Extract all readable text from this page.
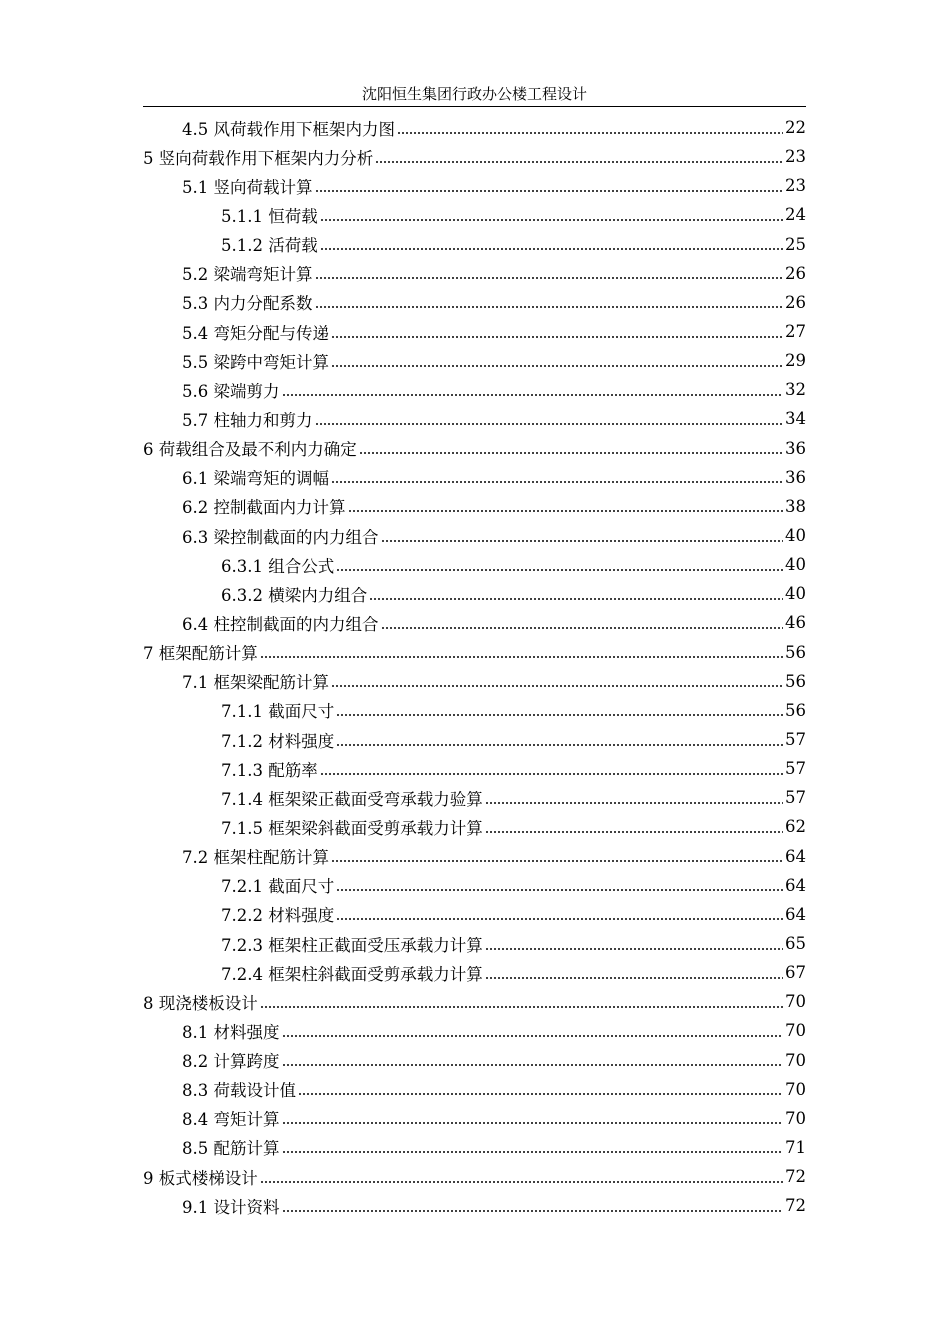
沈阳恒生集团行政办公楼工程设计
4.5 风荷载作用下框架内力图	22
5 竖向荷载作用下框架内力分析	23
5.1 竖向荷载计算	23
5.1.1 恒荷载	24
5.1.2 活荷载	25
5.2 梁端弯矩计算	26
5.3 内力分配系数	26
5.4 弯矩分配与传递	27
5.5 梁跨中弯矩计算	29
5.6 梁端剪力	32
5.7 柱轴力和剪力	34
6 荷载组合及最不利内力确定	36
6.1 梁端弯矩的调幅	36
6.2 控制截面内力计算	38
6.3 梁控制截面的内力组合	40
6.3.1 组合公式	40
6.3.2 横梁内力组合	40
6.4 柱控制截面的内力组合	46
7 框架配筋计算	56
7.1 框架梁配筋计算	56
7.1.1 截面尺寸	56
7.1.2 材料强度	57
7.1.3 配筋率	57
7.1.4 框架梁正截面受弯承载力验算	57
7.1.5 框架梁斜截面受剪承载力计算	62
7.2 框架柱配筋计算	64
7.2.1 截面尺寸	64
7.2.2 材料强度	64
7.2.3 框架柱正截面受压承载力计算	65
7.2.4 框架柱斜截面受剪承载力计算	67
8 现浇楼板设计	70
8.1 材料强度	70
8.2 计算跨度	70
8.3 荷载设计值	70
8.4 弯矩计算	70
8.5 配筋计算	71
9 板式楼梯设计	72
9.1 设计资料	72
